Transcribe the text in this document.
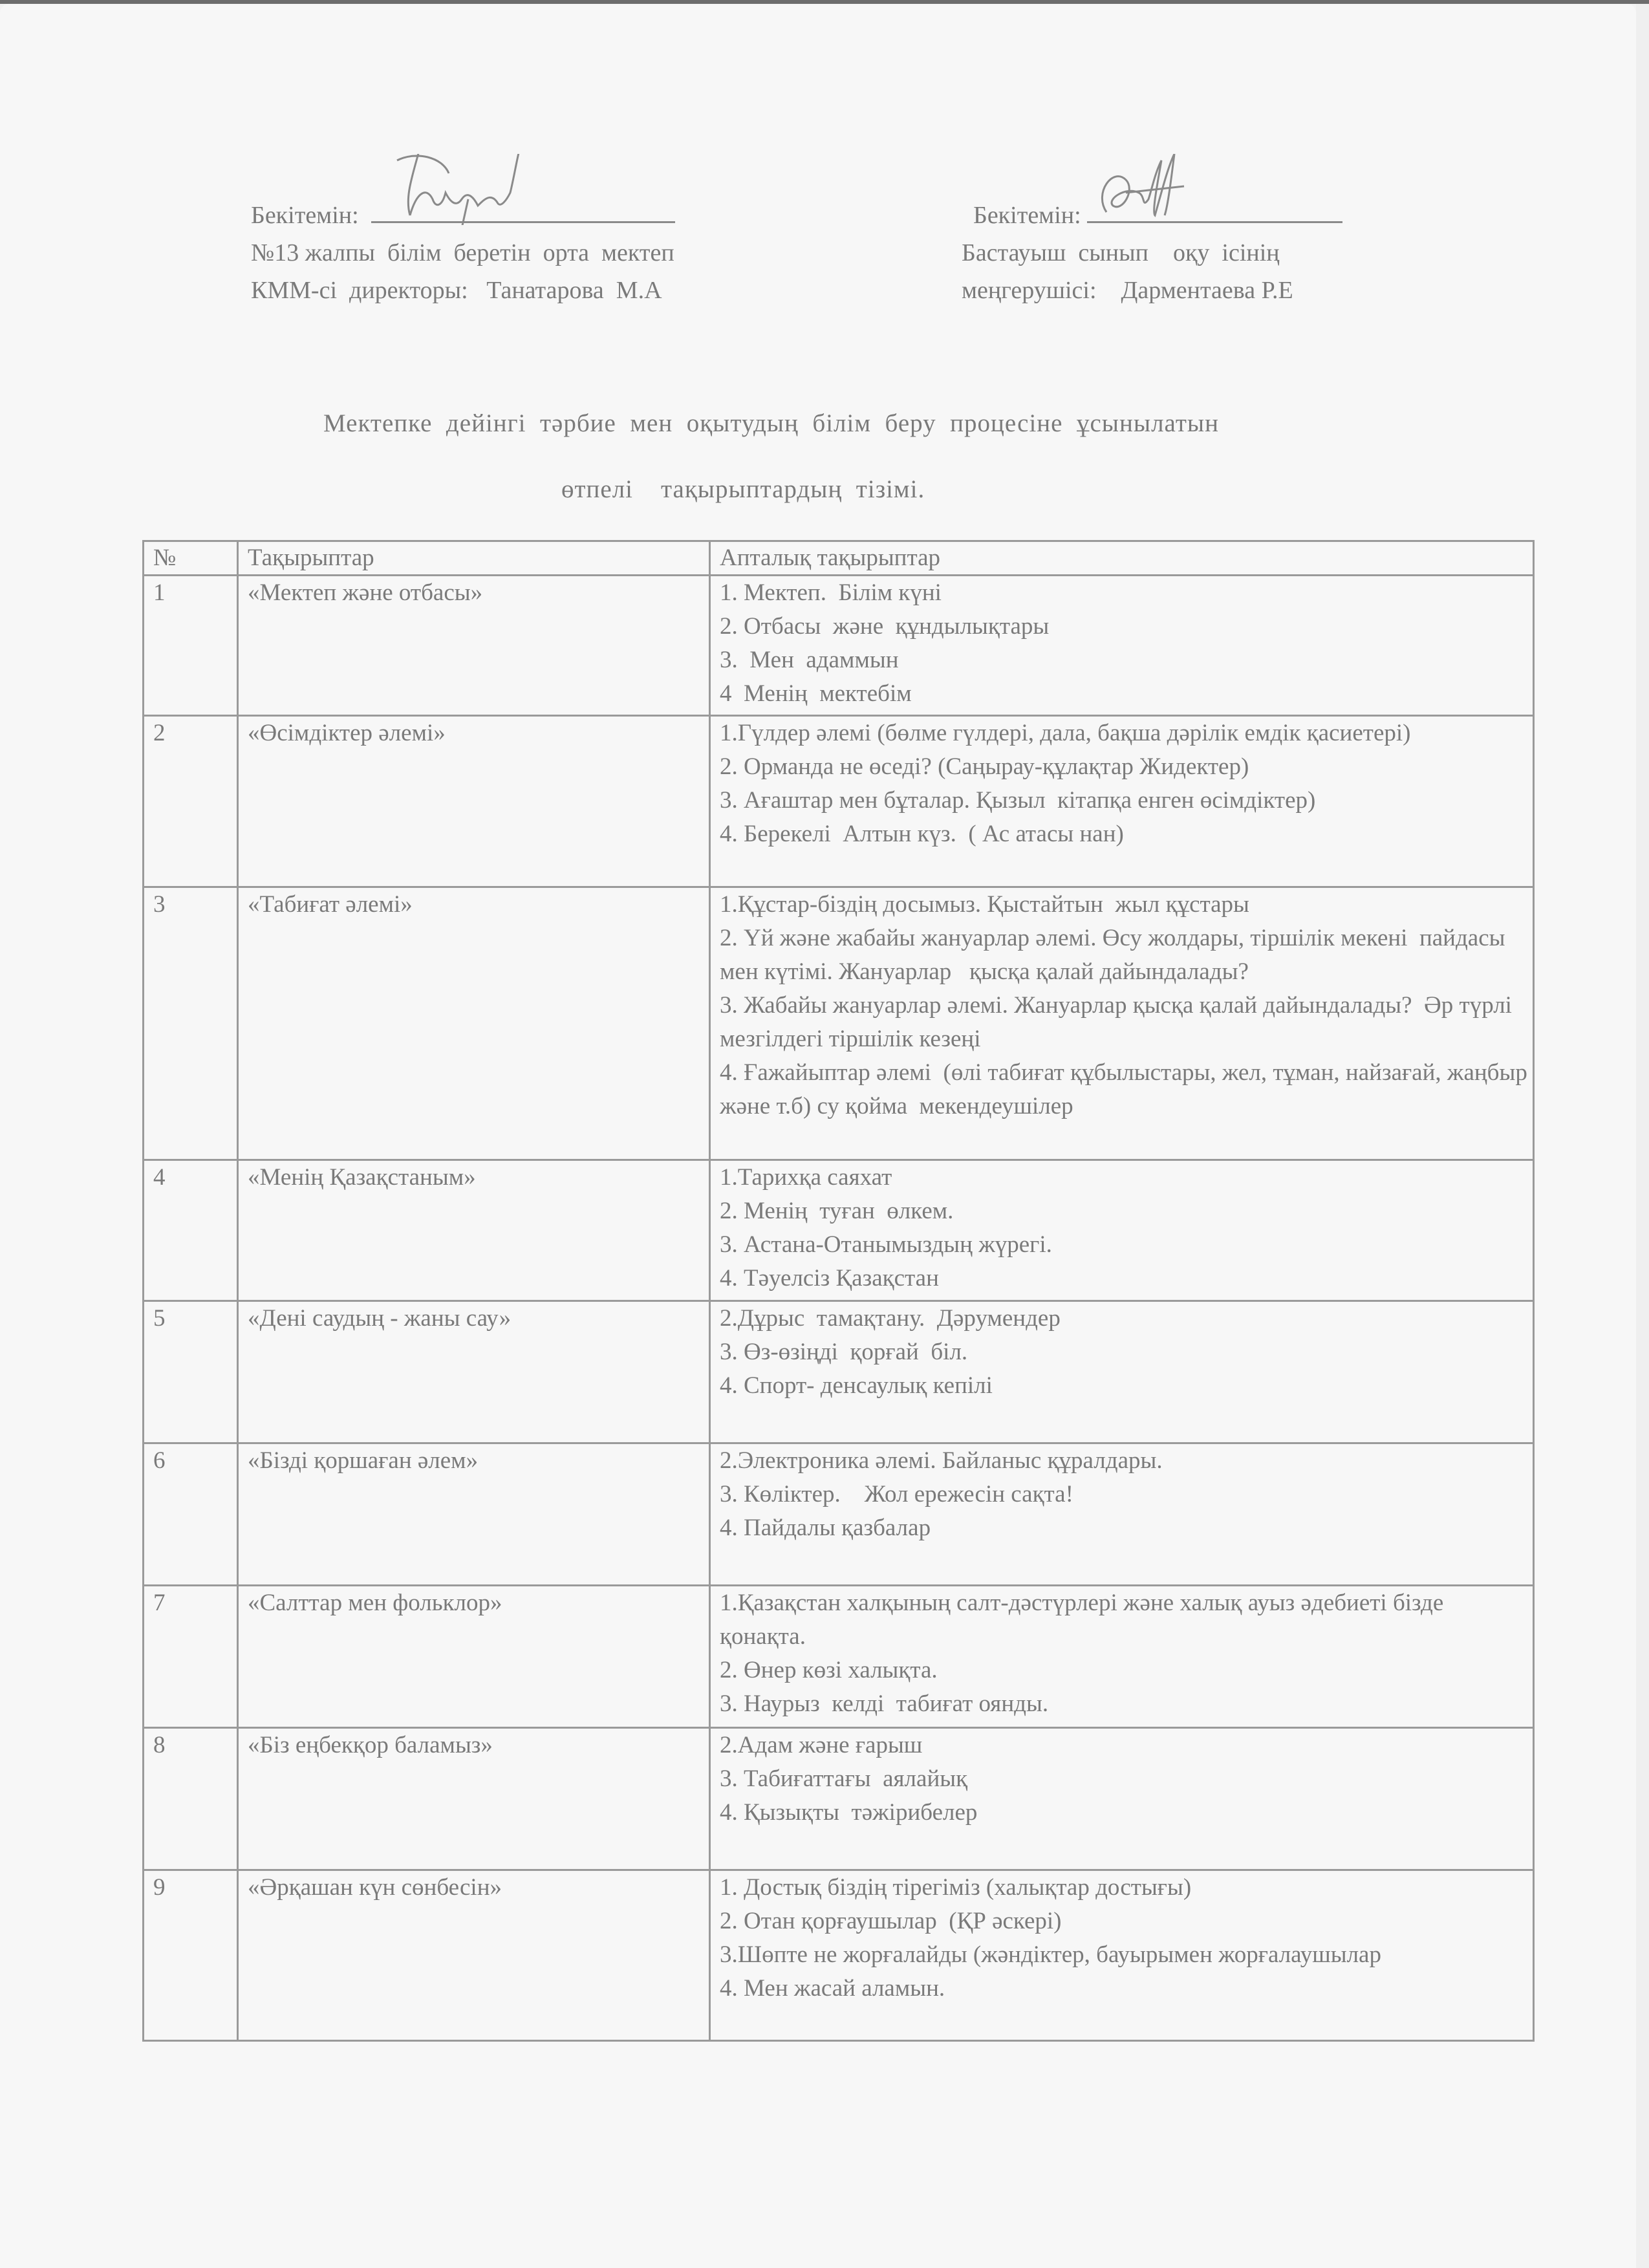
Бекітемін:
№13 жалпы  білім  беретін  орта  мектеп
КММ-сі  директоры:   Танатарова  М.А
Бекітемін:
Бастауыш  сынып    оқу  ісінің
меңгерушісі:    Дарментаева Р.Е
Мектепке  дейінгі  тәрбие  мен  оқытудың  білім  беру  процесіне  ұсынылатын
өтпелі    тақырыптардың  тізімі.
№	Тақырыптар	Апталық тақырыптар
1	«Мектеп және отбасы»	1. Мектеп.  Білім күні
2. Отбасы  және  құндылықтары
3.  Мен  адаммын
4  Менің  мектебім

2	«Өсімдіктер әлемі»	1.Гүлдер әлемі (бөлме гүлдері, дала, бақша дәрілік емдік қасиетері)
2. Орманда не өседі? (Саңырау-құлақтар Жидектер)
3. Ағаштар мен бұталар. Қызыл  кітапқа енген өсімдіктер)
4. Берекелі  Алтын күз.  ( Ас атасы нан)

3	«Табиғат әлемі»	1.Құстар-біздің досымыз. Қыстайтын  жыл құстары
2. Үй және жабайы жануарлар әлемі. Өсу жолдары, тіршілік мекені  пайдасы мен күтімі. Жануарлар   қысқа қалай дайындалады?
3. Жабайы жануарлар әлемі. Жануарлар қысқа қалай дайындалады?  Әр түрлі мезгілдегі тіршілік кезеңі
4. Ғажайыптар әлемі  (өлі табиғат құбылыстары, жел, тұман, найзағай, жаңбыр  және т.б) су қойма  мекендеушілер

4	«Менің Қазақстаным»	1.Тарихқа саяхат
2. Менің  туған  өлкем.
3. Астана-Отанымыздың жүрегі.
4. Тәуелсіз Қазақстан

5	«Дені саудың - жаны сау»	2.Дұрыс  тамақтану.  Дәрумендер
3. Өз-өзіңді  қорғай  біл.
4. Спорт- денсаулық кепілі

6	«Бізді қоршаған әлем»	2.Электроника әлемі. Байланыс құралдары.
3. Көліктер.    Жол ережесін сақта!
4. Пайдалы қазбалар

7	«Салттар мен фольклор»	1.Қазақстан халқының салт-дәстүрлері және халық ауыз әдебиеті бізде қонақта.
2. Өнер көзі халықта.
3. Наурыз  келді  табиғат оянды.

8	«Біз еңбекқор баламыз»	2.Адам және ғарыш
3. Табиғаттағы  аялайық
4. Қызықты  тәжірибелер

9	«Әрқашан күн сөнбесін»	1. Достық біздің тірегіміз (халықтар достығы)
2. Отан қорғаушылар  (ҚР әскері)
3.Шөпте не жорғалайды (жәндіктер, бауырымен жорғалаушылар
4. Мен жасай аламын.
